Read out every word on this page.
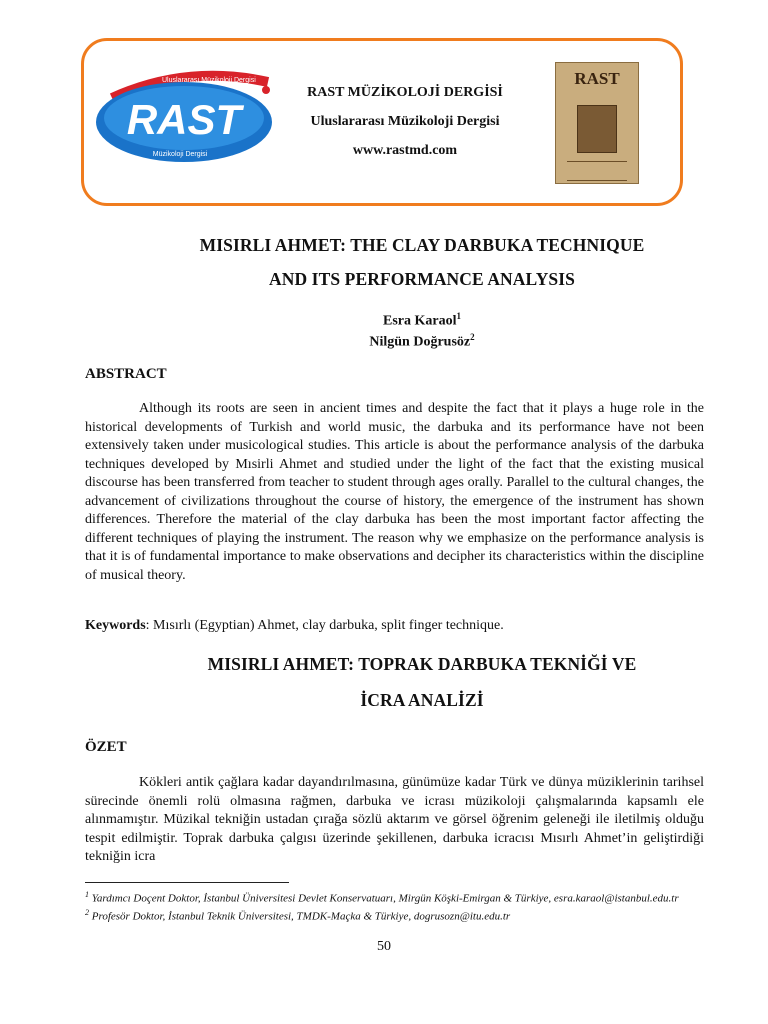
Uluslararası Müzikoloji Dergisi
RAST
Müzikoloji Dergisi
RAST MÜZİKOLOJİ DERGİSİ
Uluslararası Müzikoloji Dergisi
www.rastmd.com
RAST
MISIRLI AHMET: THE CLAY DARBUKA TECHNIQUE
AND ITS PERFORMANCE ANALYSIS
Esra Karaol$^1$
Nilgün Doğrusöz$^2$
ABSTRACT
Although its roots are seen in ancient times and despite the fact that it plays a huge role in the historical developments of Turkish and world music, the darbuka and its performance have not been extensively taken under musicological studies. This article is about the performance analysis of the darbuka techniques developed by Mısirli Ahmet and studied under the light of the fact that the existing musical discourse has been transferred from teacher to student through ages orally. Parallel to the cultural changes, the advancement of civilizations throughout the course of history, the emergence of the instrument has shown differences. Therefore the material of the clay darbuka has been the most important factor affecting the different techniques of playing the instrument. The reason why we emphasize on the performance analysis is that it is of fundamental importance to make observations and decipher its characteristics within the discipline of musical theory.
Keywords: Mısırlı (Egyptian) Ahmet, clay darbuka, split finger technique.
MISIRLI AHMET: TOPRAK DARBUKA TEKNİĞİ VE
İCRA ANALİZİ
ÖZET
Kökleri antik çağlara kadar dayandırılmasına, günümüze kadar Türk ve dünya müziklerinin tarihsel sürecinde önemli rolü olmasına rağmen, darbuka ve icrası müzikoloji çalışmalarında kapsamlı ele alınmamıştır. Müzikal tekniğin ustadan çırağa sözlü aktarım ve görsel öğrenim geleneği ile iletilmiş olduğu tespit edilmiştir. Toprak darbuka çalgısı üzerinde şekillenen, darbuka icracısı Mısırlı Ahmet’in geliştirdiği tekniğin icra
$^1$ Yardımcı Doçent Doktor, İstanbul Üniversitesi Devlet Konservatuarı, Mirgün Köşki-Emirgan & Türkiye, esra.karaol@istanbul.edu.tr
$^2$ Profesör Doktor, İstanbul Teknik Üniversitesi, TMDK-Maçka & Türkiye, dogrusozn@itu.edu.tr
50
